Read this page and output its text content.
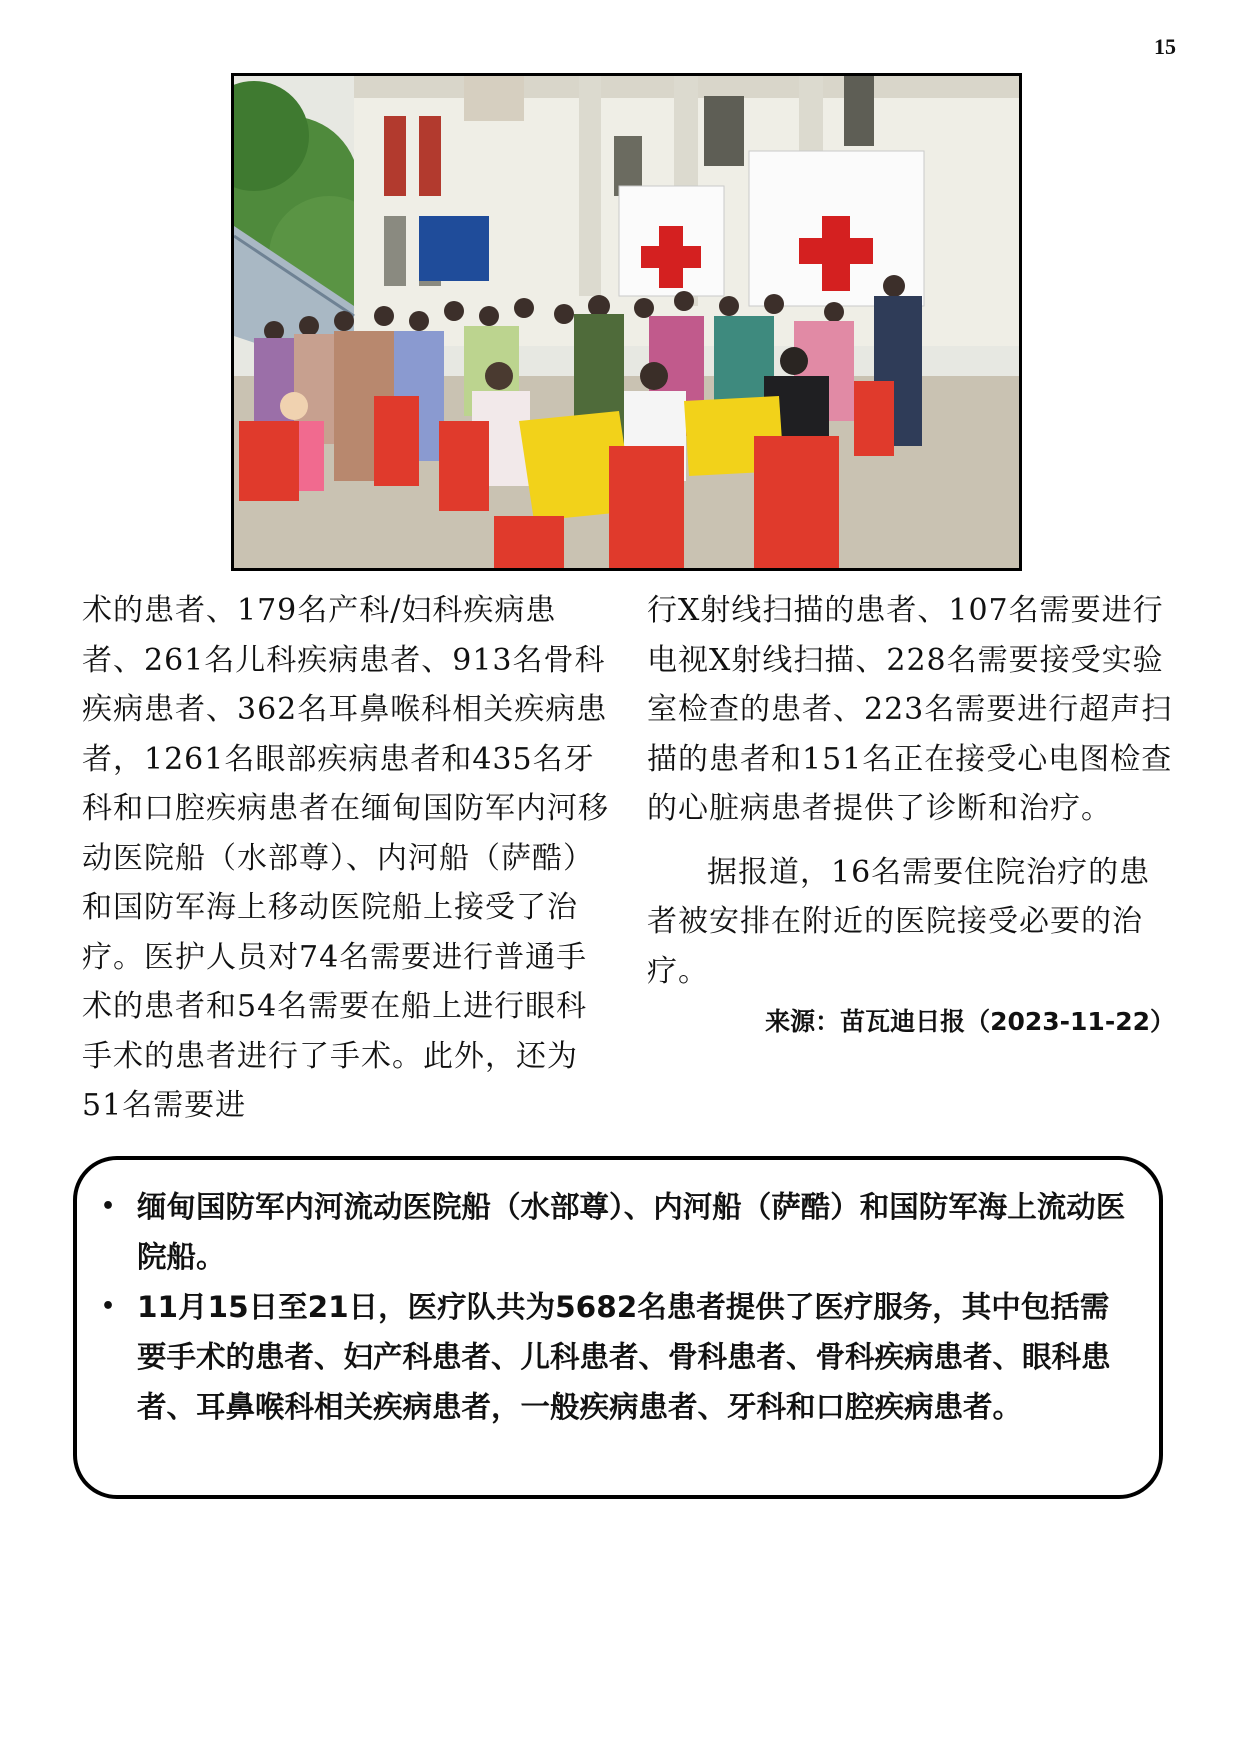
15

术的患者、179名产科/妇科疾病患者、261名儿科疾病患者、913名骨科疾病患者、362名耳鼻喉科相关疾病患者，1261名眼部疾病患者和435名牙科和口腔疾病患者在缅甸国防军内河移动医院船（水部尊）、内河船（萨酷）和国防军海上移动医院船上接受了治疗。医护人员对74名需要进行普通手术的患者和54名需要在船上进行眼科手术的患者进行了手术。此外，还为51名需要进

行X射线扫描的患者、107名需要进行电视X射线扫描、228名需要接受实验室检查的患者、223名需要进行超声扫描的患者和151名正在接受心电图检查的心脏病患者提供了诊断和治疗。

据报道，16名需要住院治疗的患者被安排在附近的医院接受必要的治疗。

来源：苗瓦迪日报（2023-11-22）
• 缅甸国防军内河流动医院船（水部尊）、内河船（萨酷）和国防军海上流动医院船。
• 11月15日至21日，医疗队共为5682名患者提供了医疗服务，其中包括需要手术的患者、妇产科患者、儿科患者、骨科患者、骨科疾病患者、眼科患者、耳鼻喉科相关疾病患者，一般疾病患者、牙科和口腔疾病患者。
